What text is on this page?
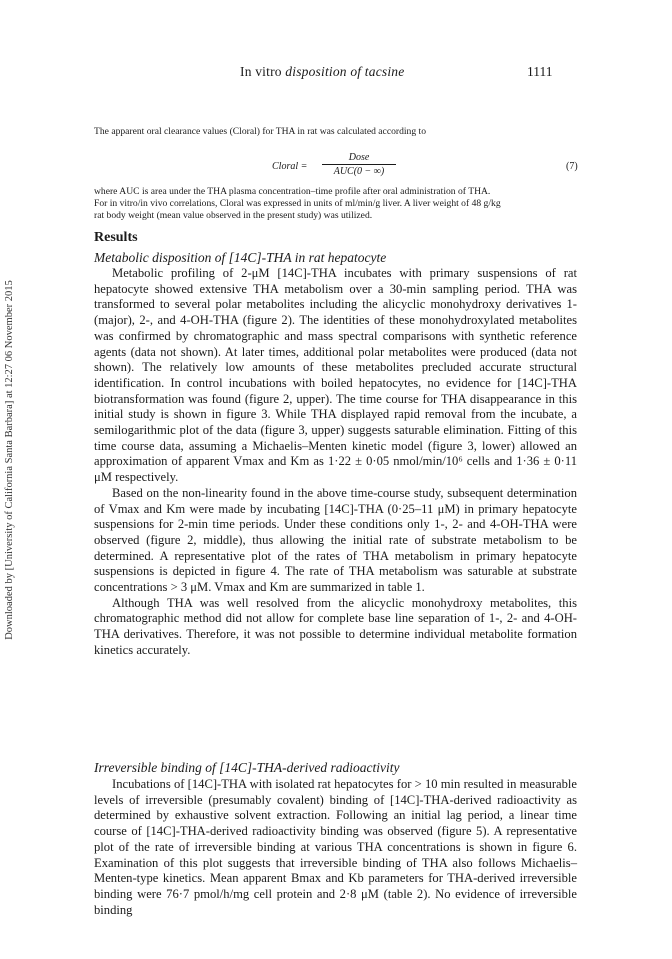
In vitro disposition of tacsine	1111
Downloaded by [University of California Santa Barbara] at 12:27 06 November 2015
The apparent oral clearance values (Cloral) for THA in rat was calculated according to
Cloral =
Dose
AUC(0 − ∞)	(7)
where AUC is area under the THA plasma concentration–time profile after oral administration of THA.
For in vitro/in vivo correlations, Cloral was expressed in units of ml/min/g liver. A liver weight of 48 g/kg
rat body weight (mean value observed in the present study) was utilized.
Results
Metabolic disposition of [14C]-THA in rat hepatocyte

Metabolic profiling of 2-μM [14C]-THA incubates with primary suspensions of rat hepatocyte showed extensive THA metabolism over a 30-min sampling period. THA was transformed to several polar metabolites including the alicyclic monohydroxy derivatives 1- (major), 2-, and 4-OH-THA (figure 2). The identities of these monohydroxylated metabolites was confirmed by chromatographic and mass spectral comparisons with synthetic reference agents (data not shown). At later times, additional polar metabolites were produced (data not shown). The relatively low amounts of these metabolites precluded accurate structural identification. In control incubations with boiled hepatocytes, no evidence for [14C]-THA biotransformation was found (figure 2, upper). The time course for THA disappearance in this initial study is shown in figure 3. While THA displayed rapid removal from the incubate, a semilogarithmic plot of the data (figure 3, upper) suggests saturable elimination. Fitting of this time course data, assuming a Michaelis–Menten kinetic model (figure 3, lower) allowed an approximation of apparent Vmax and Km as 1·22 ± 0·05 nmol/min/10⁶ cells and 1·36 ± 0·11 μM respectively.

Based on the non-linearity found in the above time-course study, subsequent determination of Vmax and Km were made by incubating [14C]-THA (0·25–11 μM) in primary hepatocyte suspensions for 2-min time periods. Under these conditions only 1-, 2- and 4-OH-THA were observed (figure 2, middle), thus allowing the initial rate of substrate metabolism to be determined. A representative plot of the rates of THA metabolism in primary hepatocyte suspensions is depicted in figure 4. The rate of THA metabolism was saturable at substrate concentrations > 3 μM. Vmax and Km are summarized in table 1.

Although THA was well resolved from the alicyclic monohydroxy metabolites, this chromatographic method did not allow for complete base line separation of 1-, 2- and 4-OH-THA derivatives. Therefore, it was not possible to determine individual metabolite formation kinetics accurately.

Irreversible binding of [14C]-THA-derived radioactivity

Incubations of [14C]-THA with isolated rat hepatocytes for > 10 min resulted in measurable levels of irreversible (presumably covalent) binding of [14C]-THA-derived radioactivity as determined by exhaustive solvent extraction. Following an initial lag period, a linear time course of [14C]-THA-derived radioactivity binding was observed (figure 5). A representative plot of the rate of irreversible binding at various THA concentrations is shown in figure 6. Examination of this plot suggests that irreversible binding of THA also follows Michaelis–Menten-type kinetics. Mean apparent Bmax and Kb parameters for THA-derived irreversible binding were 76·7 pmol/h/mg cell protein and 2·8 μM (table 2). No evidence of irreversible binding
